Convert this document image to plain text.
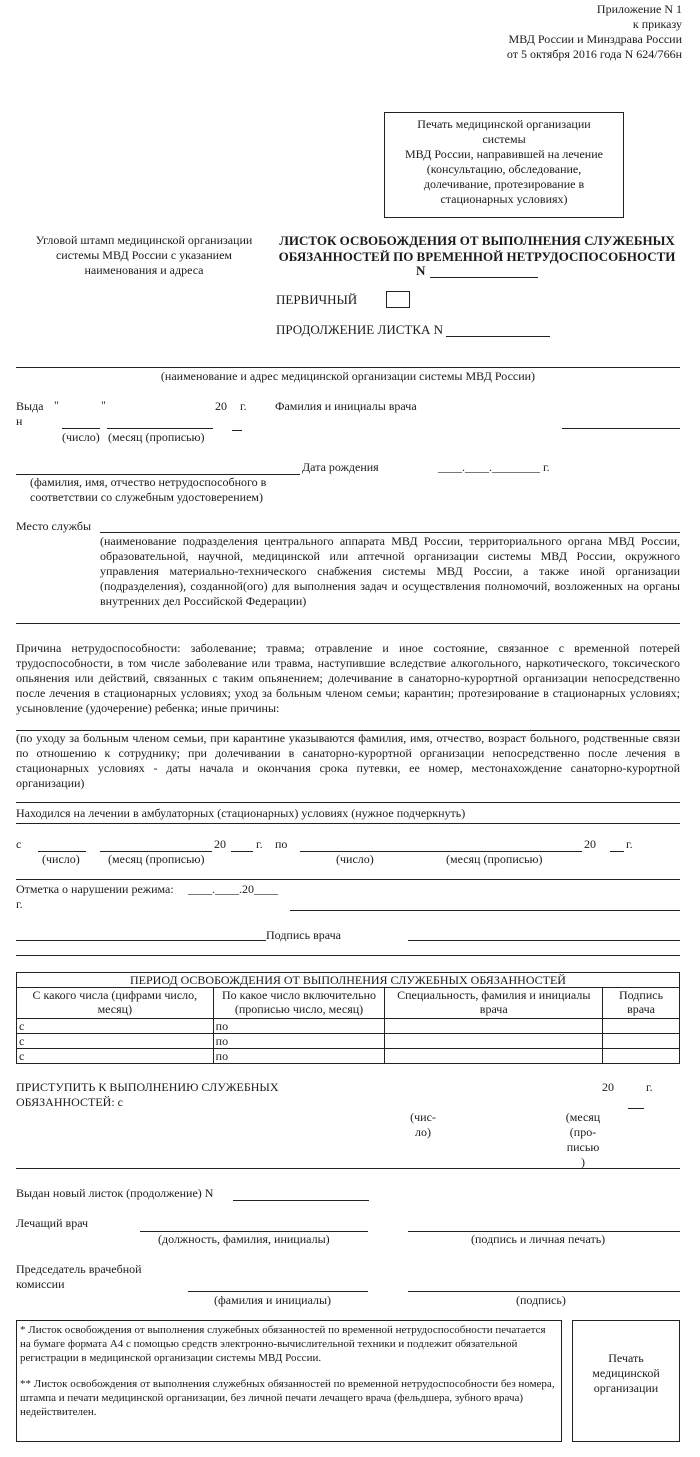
Приложение N 1
к приказу
МВД России и Минздрава России
от 5 октября 2016 года N 624/766н
Печать медицинской организации
системы
МВД России, направившей на лечение
(консультацию, обследование,
долечивание, протезирование в
стационарных условиях)
Угловой штамп медицинской организации
системы МВД России с указанием
наименования и адреса
ЛИСТОК ОСВОБОЖДЕНИЯ ОТ ВЫПОЛНЕНИЯ СЛУЖЕБНЫХ
ОБЯЗАННОСТЕЙ ПО ВРЕМЕННОЙ НЕТРУДОСПОСОБНОСТИ
N
ПЕРВИЧНЫЙ
ПРОДОЛЖЕНИЕ ЛИСТКА N
(наименование и адрес медицинской организации системы МВД России)
Выда
н
"	"	20 г.
(число) (месяц (прописью)
Фамилия и инициалы врача
(фамилия, имя, отчество нетрудоспособного в
соответствии со служебным удостоверением)
Дата рождения	____.____.________ г.
Место службы
(наименование подразделения центрального аппарата МВД России, территориального органа МВД России, образовательной, научной, медицинской или аптечной организации системы МВД России, окружного управления материально-технического снабжения системы МВД России, а также иной организации (подразделения), созданной(ого) для выполнения задач и осуществления полномочий, возложенных на органы внутренних дел Российской Федерации)
Причина нетрудоспособности: заболевание; травма; отравление и иное состояние, связанное с временной потерей трудоспособности, в том числе заболевание или травма, наступившие вследствие алкогольного, наркотического, токсического опьянения или действий, связанных с таким опьянением; долечивание в санаторно-курортной организации непосредственно после лечения в стационарных условиях; уход за больным членом семьи; карантин; протезирование в стационарных условиях; усыновление (удочерение) ребенка; иные причины:
(по уходу за больным членом семьи, при карантине указываются фамилия, имя, отчество, возраст больного, родственные связи по отношению к сотруднику; при долечивании в санаторно-курортной организации непосредственно после лечения в стационарных условиях - даты начала и окончания срока путевки, ее номер, местонахождение санаторно-курортной организации)
Находился на лечении в амбулаторных (стационарных) условиях (нужное подчеркнуть)
с	20	г. по	20	г.
(число) (месяц (прописью)	(число)	(месяц (прописью)
Отметка о нарушении режима: ____.____.20____
г.
Подпись врача
ПЕРИОД ОСВОБОЖДЕНИЯ ОТ ВЫПОЛНЕНИЯ СЛУЖЕБНЫХ ОБЯЗАННОСТЕЙ			
С какого числа (цифрами число, месяц)	По какое число включительно (прописью число, месяц)	Специальность, фамилия и инициалы врача	Подпись врача
с	по		
с	по		
с	по		
ПРИСТУПИТЬ К ВЫПОЛНЕНИЮ СЛУЖЕБНЫХ
ОБЯЗАННОСТЕЙ: с
20	г.
(чис-
ло)
(месяц
(про-
писью
)
Выдан новый листок (продолжение) N
Лечащий врач
(должность, фамилия, инициалы)	(подпись и личная печать)
Председатель врачебной
комиссии
(фамилия и инициалы)	(подпись)
* Листок освобождения от выполнения служебных обязанностей по временной нетрудоспособности печатается на бумаге формата А4 с помощью средств электронно-вычислительной техники и подлежит обязательной регистрации в медицинской организации системы МВД России.
** Листок освобождения от выполнения служебных обязанностей по временной нетрудоспособности без номера, штампа и печати медицинской организации, без личной печати лечащего врача (фельдшера, зубного врача) недействителен.
Печать
медицинской
организации
